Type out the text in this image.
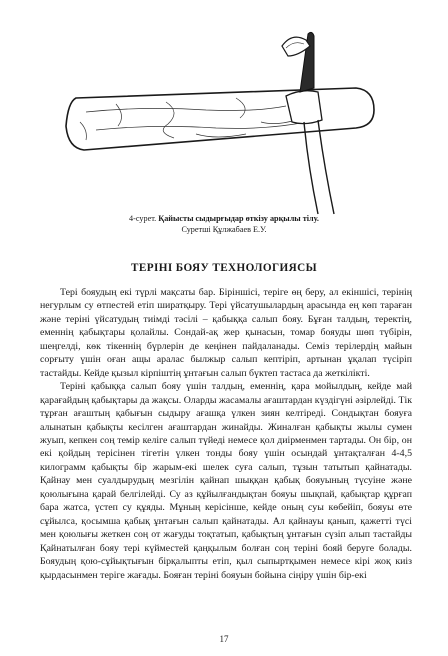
4-сурет. Қайысты сыдырғыдар өткізу арқылы тілу.
Суретші Құлжабаев Е.У.
ТЕРІНІ БОЯУ ТЕХНОЛОГИЯСЫ

Тері бояудың екі түрлі мақсаты бар. Біріншісі, теріге өң беру, ал екіншісі, терінің негурлым су өтпестей етіп ширатқыру. Тері үйсатушылардың арасында ең көп тараған және теріні үйсатудың тиімді тәсілі – қабыққа салып бояу. Бұған талдың, теректің, еменнің қабықтары қолайлы. Сондай-ақ жер қынасын, томар бояуды шөп түбірін, шеңгелді, көк тікеннің бүрлерін де кеңінен пайдаланады. Семіз терілердің майын сорғыту үшін оған ащы аралас былжыр салып кептіріп, артынан ұқалап түсіріп тастайды. Кейде қызыл кірпіштің ұнтағын салып бүктеп тастаса да жеткілікті.

Теріні қабыққа салып бояу үшін талдың, еменнің, қара мойылдың, кейде май қарағайдың қабықтары да жақсы. Оларды жасамалы ағаштардан күздігүні әзірлейді. Тік тұрған ағаштың қабығын сыдыру ағашқа үлкен зиян келтіреді. Сондықтан бояуға алынатын қабықты кесілген ағаштардан жинайды. Жиналған қабықты жылы сумен жуып, кепкен соң темір келіге салып түйеді немесе қол диірменмен тартады. Он бір, он екі қойдың терісінен тігетін үлкен тонды бояу үшін осындай ұнтақталған 4-4,5 килограмм қабықты бір жарым-екі шелек суға салып, тұзын татытып қайнатады. Қайнау мен суалдырудың мезгілін қайнап шыққан қабық бояуының түсуіне және қоюлығына қарай белгілейді. Су аз құйылғандықтан бояуы шықпай, қабықтар құрғап бара жатса, үстеп су құяды. Мұның керісінше, кейде оның суы көбейіп, бояуы өте сұйылса, қосымша қабық ұнтағын салып қайнатады. Ал қайнауы қанып, қажетті түсі мен қоюлығы жеткен соң от жағуды тоқтатып, қабықтың ұнтағын сүзіп алып тастайды Қайнатылған бояу тері күйместей қаңқылым болған соң теріні бояй беруге болады. Бояудың қою-сұйықтығын бірқалыпты етіп, қыл сыпыртқымен немесе кірі жоқ киіз қырдасынмен теріге жағады. Бояған теріні бояуын бойына сіңіру үшін бір-екі

17
